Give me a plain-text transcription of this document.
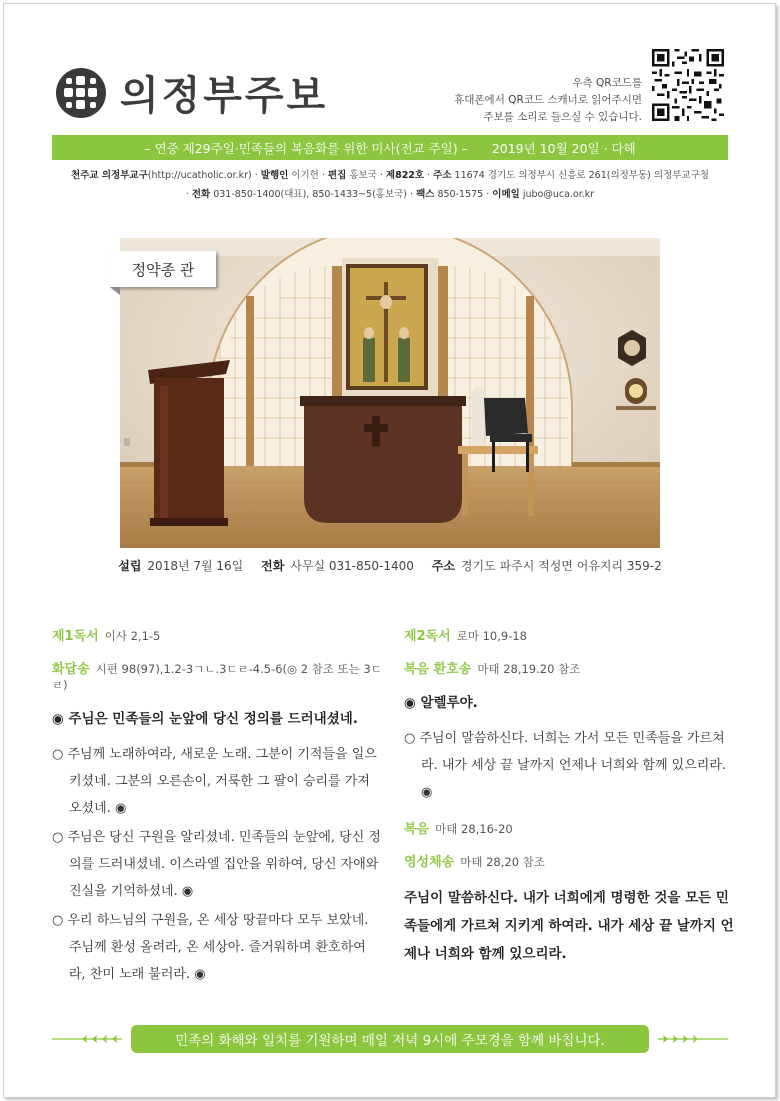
의정부주보	우측 QR코드를
휴대폰에서 QR코드 스캐너로 읽어주시면
주보를 소리로 들으실 수 있습니다.
– 연중 제29주일·민족들의 복음화를 위한 미사(전교 주일) – 2019년 10월 20일 · 다해
천주교 의정부교구(http://ucatholic.or.kr) · 발행인 이기헌 · 편집 홍보국 · 제822호 · 주소 11674 경기도 의정부시 신흥로 261(의정부동) 의정부교구청
· 전화 031-850-1400(대표), 850-1433~5(홍보국) · 팩스 850-1575 · 이메일 jubo@uca.or.kr
정약종 관
설립 2018년 7월 16일 전화 사무실 031-850-1400 주소 경기도 파주시 적성면 어유지리 359-2
제1독서 이사 2,1-5
화답송 시편 98(97),1.2-3ㄱㄴ.3ㄷㄹ-4.5-6(◎ 2 참조 또는 3ㄷㄹ)
◉ 주님은 민족들의 눈앞에 당신 정의를 드러내셨네.
○ 주님께 노래하여라, 새로운 노래. 그분이 기적들을 일으키셨네. 그분의 오른손이, 거룩한 그 팔이 승리를 가져오셨네. ◉
○ 주님은 당신 구원을 알리셨네. 민족들의 눈앞에, 당신 정의를 드러내셨네. 이스라엘 집안을 위하여, 당신 자애와 진실을 기억하셨네. ◉
○ 우리 하느님의 구원을, 온 세상 땅끝마다 모두 보았네. 주님께 환성 올려라, 온 세상아. 즐거워하며 환호하여라, 찬미 노래 불러라. ◉
제2독서 로마 10,9-18
복음 환호송 마태 28,19.20 참조
◉ 알렐루야.
○ 주님이 말씀하신다. 너희는 가서 모든 민족들을 가르쳐라. 내가 세상 끝 날까지 언제나 너희와 함께 있으리라. ◉
복음 마태 28,16-20
영성체송 마태 28,20 참조
주님이 말씀하신다. 내가 너희에게 명령한 것을 모든 민족들에게 가르쳐 지키게 하여라. 내가 세상 끝 날까지 언제나 너희와 함께 있으리라.
민족의 화해와 일치를 기원하며 매일 저녁 9시에 주모경을 함께 바칩니다.
